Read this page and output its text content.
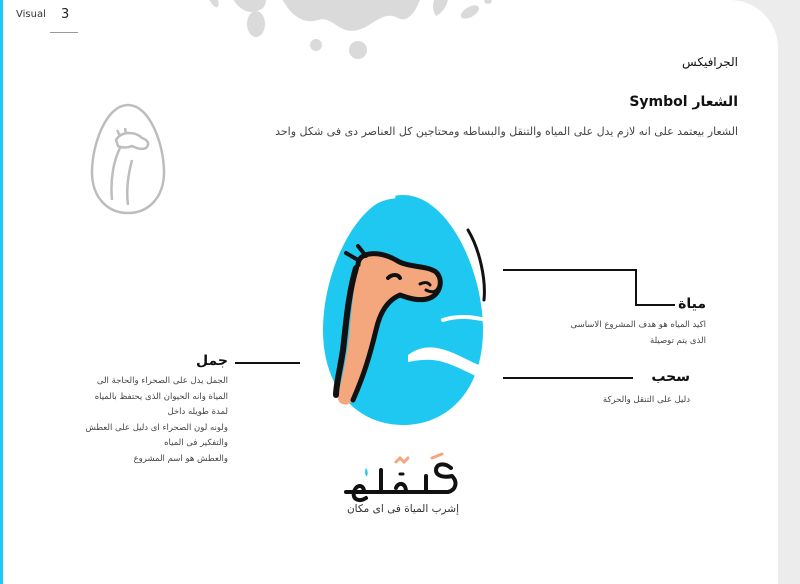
Visual 3
الجرافيكس
الشعار Symbol
الشعار بيعتمد على انه لازم يدل على المياه والتنقل والبساطه ومحتاجين كل العناصر دى فى شكل واحد
مياة
اكيد المياه هو هدف المشروع الاساسى
الذى يتم توصيلة
سحب
دليل على التنقل والحركة
جمل
الجمل يدل على الصحراء والحاجة الى
المياة وانه الحيوان الذى يحتفظ بالمياه
لمدة طويله داخل
ولونه لون الصحراء اى دليل على العطش
والتفكير فى المياه
والعطش هو اسم المشروع
إشرب المياة فى اى مكان
